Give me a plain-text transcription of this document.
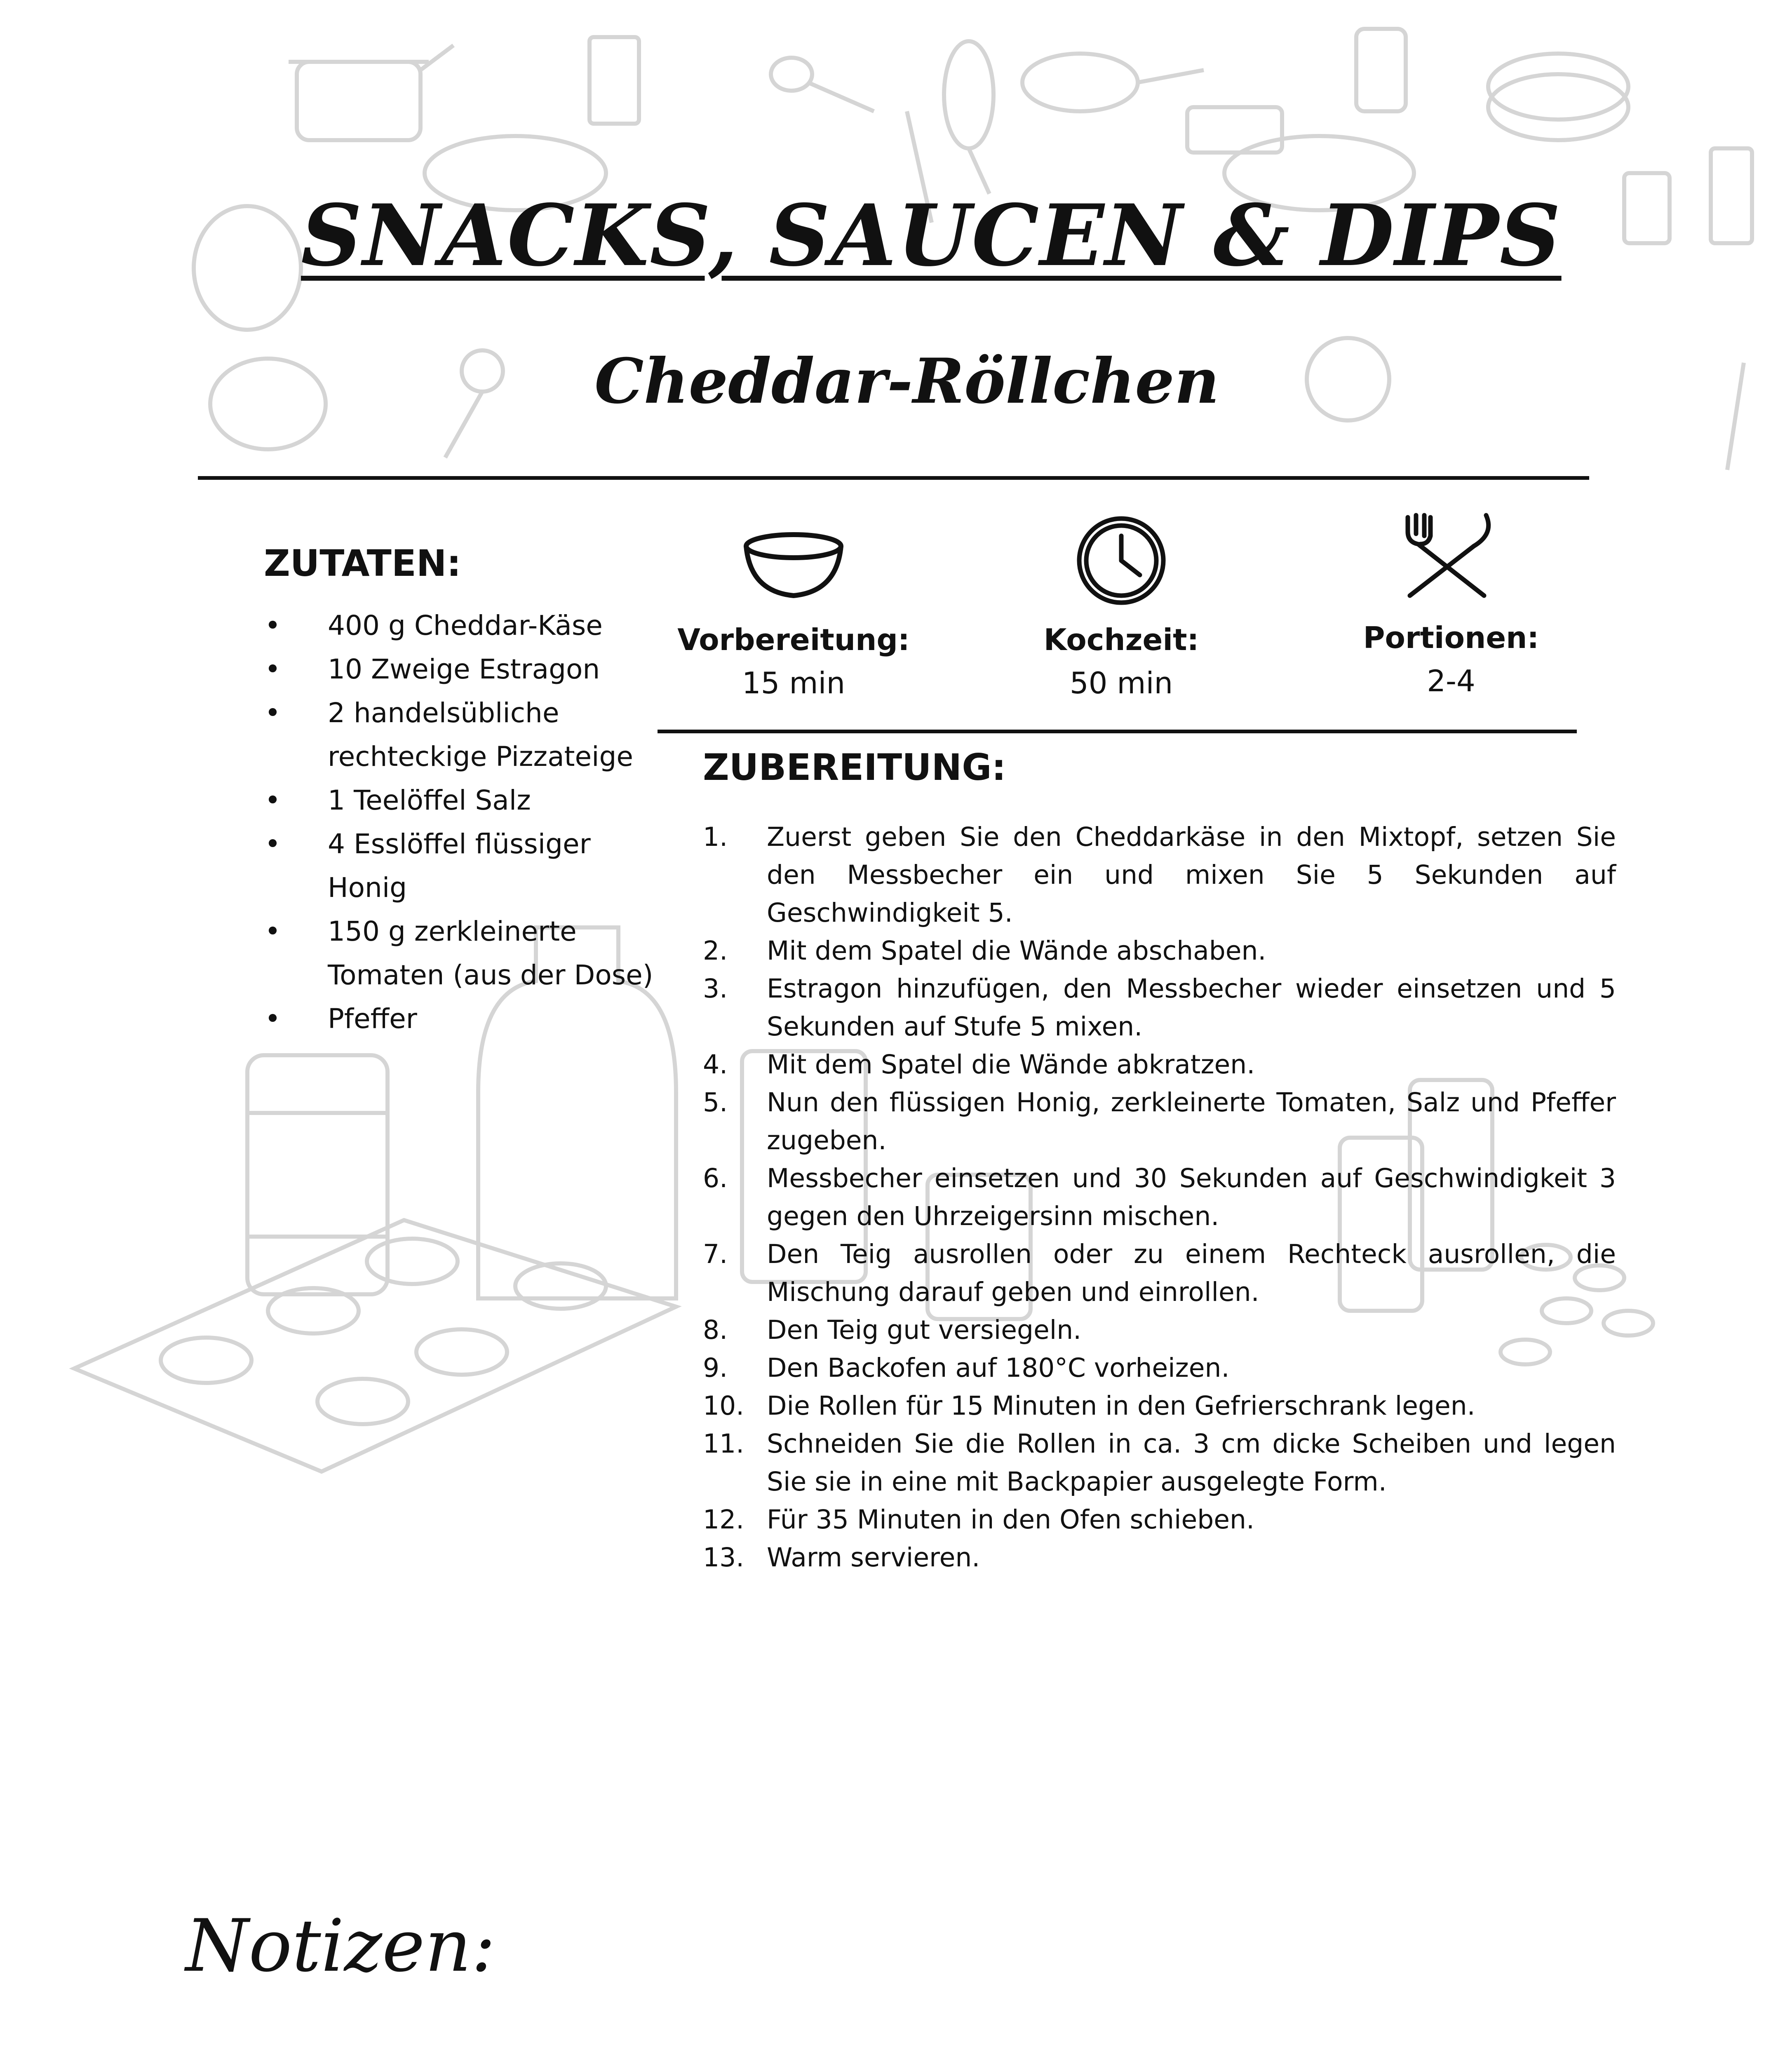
SNACKS, SAUCEN & DIPS
Cheddar-Röllchen
ZUTATEN:
• 400 g Cheddar-Käse
• 10 Zweige Estragon
• 2 handelsübliche rechteckige Pizzateige
• 1 Teelöffel Salz
• 4 Esslöffel flüssiger Honig
• 150 g zerkleinerte Tomaten (aus der Dose)
• Pfeffer
Vorbereitung:
15 min
Kochzeit:
50 min
Portionen:
2-4
ZUBEREITUNG:
1. Zuerst geben Sie den Cheddarkäse in den Mixtopf, setzen Sie den Messbecher ein und mixen Sie 5 Sekunden auf Geschwindigkeit 5.
2. Mit dem Spatel die Wände abschaben.
3. Estragon hinzufügen, den Messbecher wieder einsetzen und 5 Sekunden auf Stufe 5 mixen.
4. Mit dem Spatel die Wände abkratzen.
5. Nun den flüssigen Honig, zerkleinerte Tomaten, Salz und Pfeffer zugeben.
6. Messbecher einsetzen und 30 Sekunden auf Geschwindigkeit 3 gegen den Uhrzeigersinn mischen.
7. Den Teig ausrollen oder zu einem Rechteck ausrollen, die Mischung darauf geben und einrollen.
8. Den Teig gut versiegeln.
9. Den Backofen auf 180°C vorheizen.
10. Die Rollen für 15 Minuten in den Gefrierschrank legen.
11. Schneiden Sie die Rollen in ca. 3 cm dicke Scheiben und legen Sie sie in eine mit Backpapier ausgelegte Form.
12. Für 35 Minuten in den Ofen schieben.
13. Warm servieren.
Notizen:
